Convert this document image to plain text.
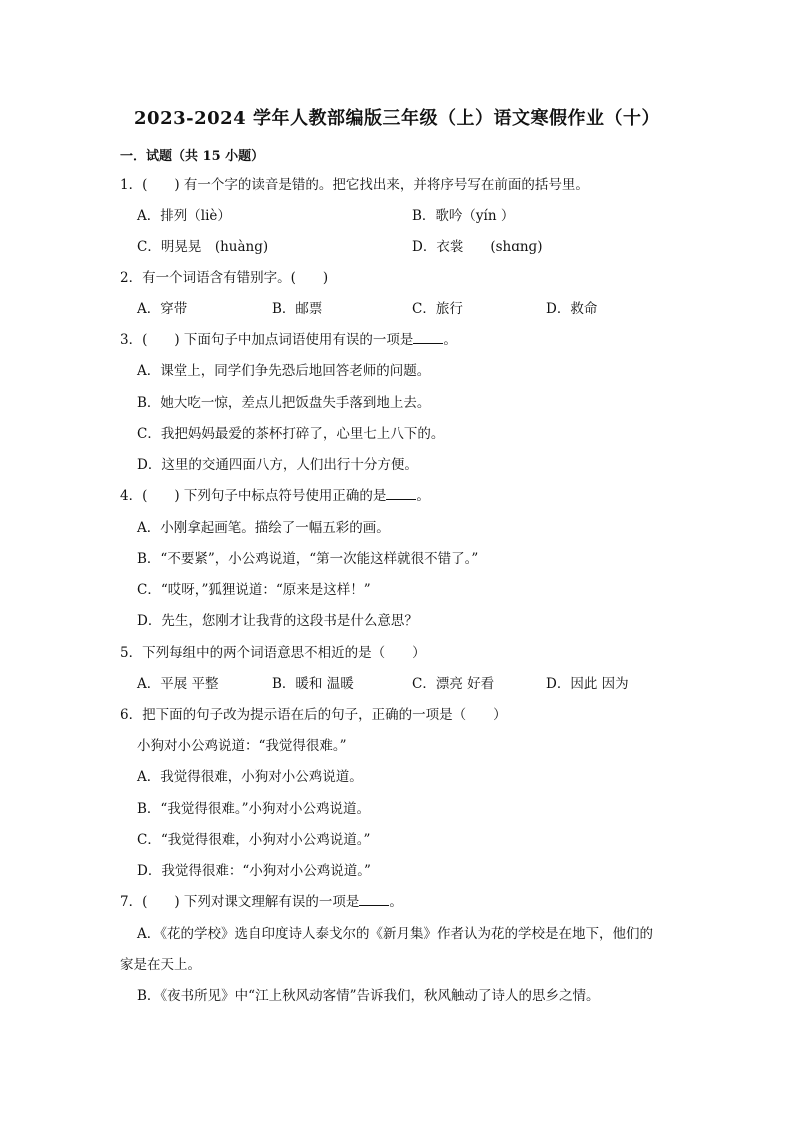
2023-2024 学年人教部编版三年级（上）语文寒假作业（十）
一．试题（共 15 小题）
1．(　　) 有一个字的读音是错的。把它找出来，并将序号写在前面的括号里。
A．排列（liè）	B．歌吟（yín ）
C．明晃晃　(huàng)	D．衣裳　　(shɑnɡ)
2．有一个词语含有错别字。(　　)
A．穿带	B．邮票	C．旅行	D．救命
3．(　　) 下面句子中加点词语使用有误的一项是 。
A．课堂上，同学们争先恐后地回答老师的问题。
B．她大吃一惊，差点儿把饭盘失手落到地上去。
C．我把妈妈最爱的茶杯打碎了，心里七上八下的。
D．这里的交通四面八方，人们出行十分方便。
4．(　　) 下列句子中标点符号使用正确的是 。
A．小刚拿起画笔。描绘了一幅五彩的画。
B．“不要紧”，小公鸡说道，“第一次能这样就很不错了。”
C．“哎呀，”狐狸说道：“原来是这样！”
D．先生，您刚才让我背的这段书是什么意思？
5．下列每组中的两个词语意思不相近的是（　　）
A．平展 平整	B．暖和 温暖	C．漂亮 好看	D．因此 因为
6．把下面的句子改为提示语在后的句子，正确的一项是（　　）
小狗对小公鸡说道：“我觉得很难。”
A．我觉得很难，小狗对小公鸡说道。
B．“我觉得很难。”小狗对小公鸡说道。
C．“我觉得很难，小狗对小公鸡说道。”
D．我觉得很难：“小狗对小公鸡说道。”
7．(　　) 下列对课文理解有误的一项是 。
A．《花的学校》选自印度诗人泰戈尔的《新月集》作者认为花的学校是在地下，他们的
家是在天上。
B．《夜书所见》中“江上秋风动客情”告诉我们，秋风触动了诗人的思乡之情。
